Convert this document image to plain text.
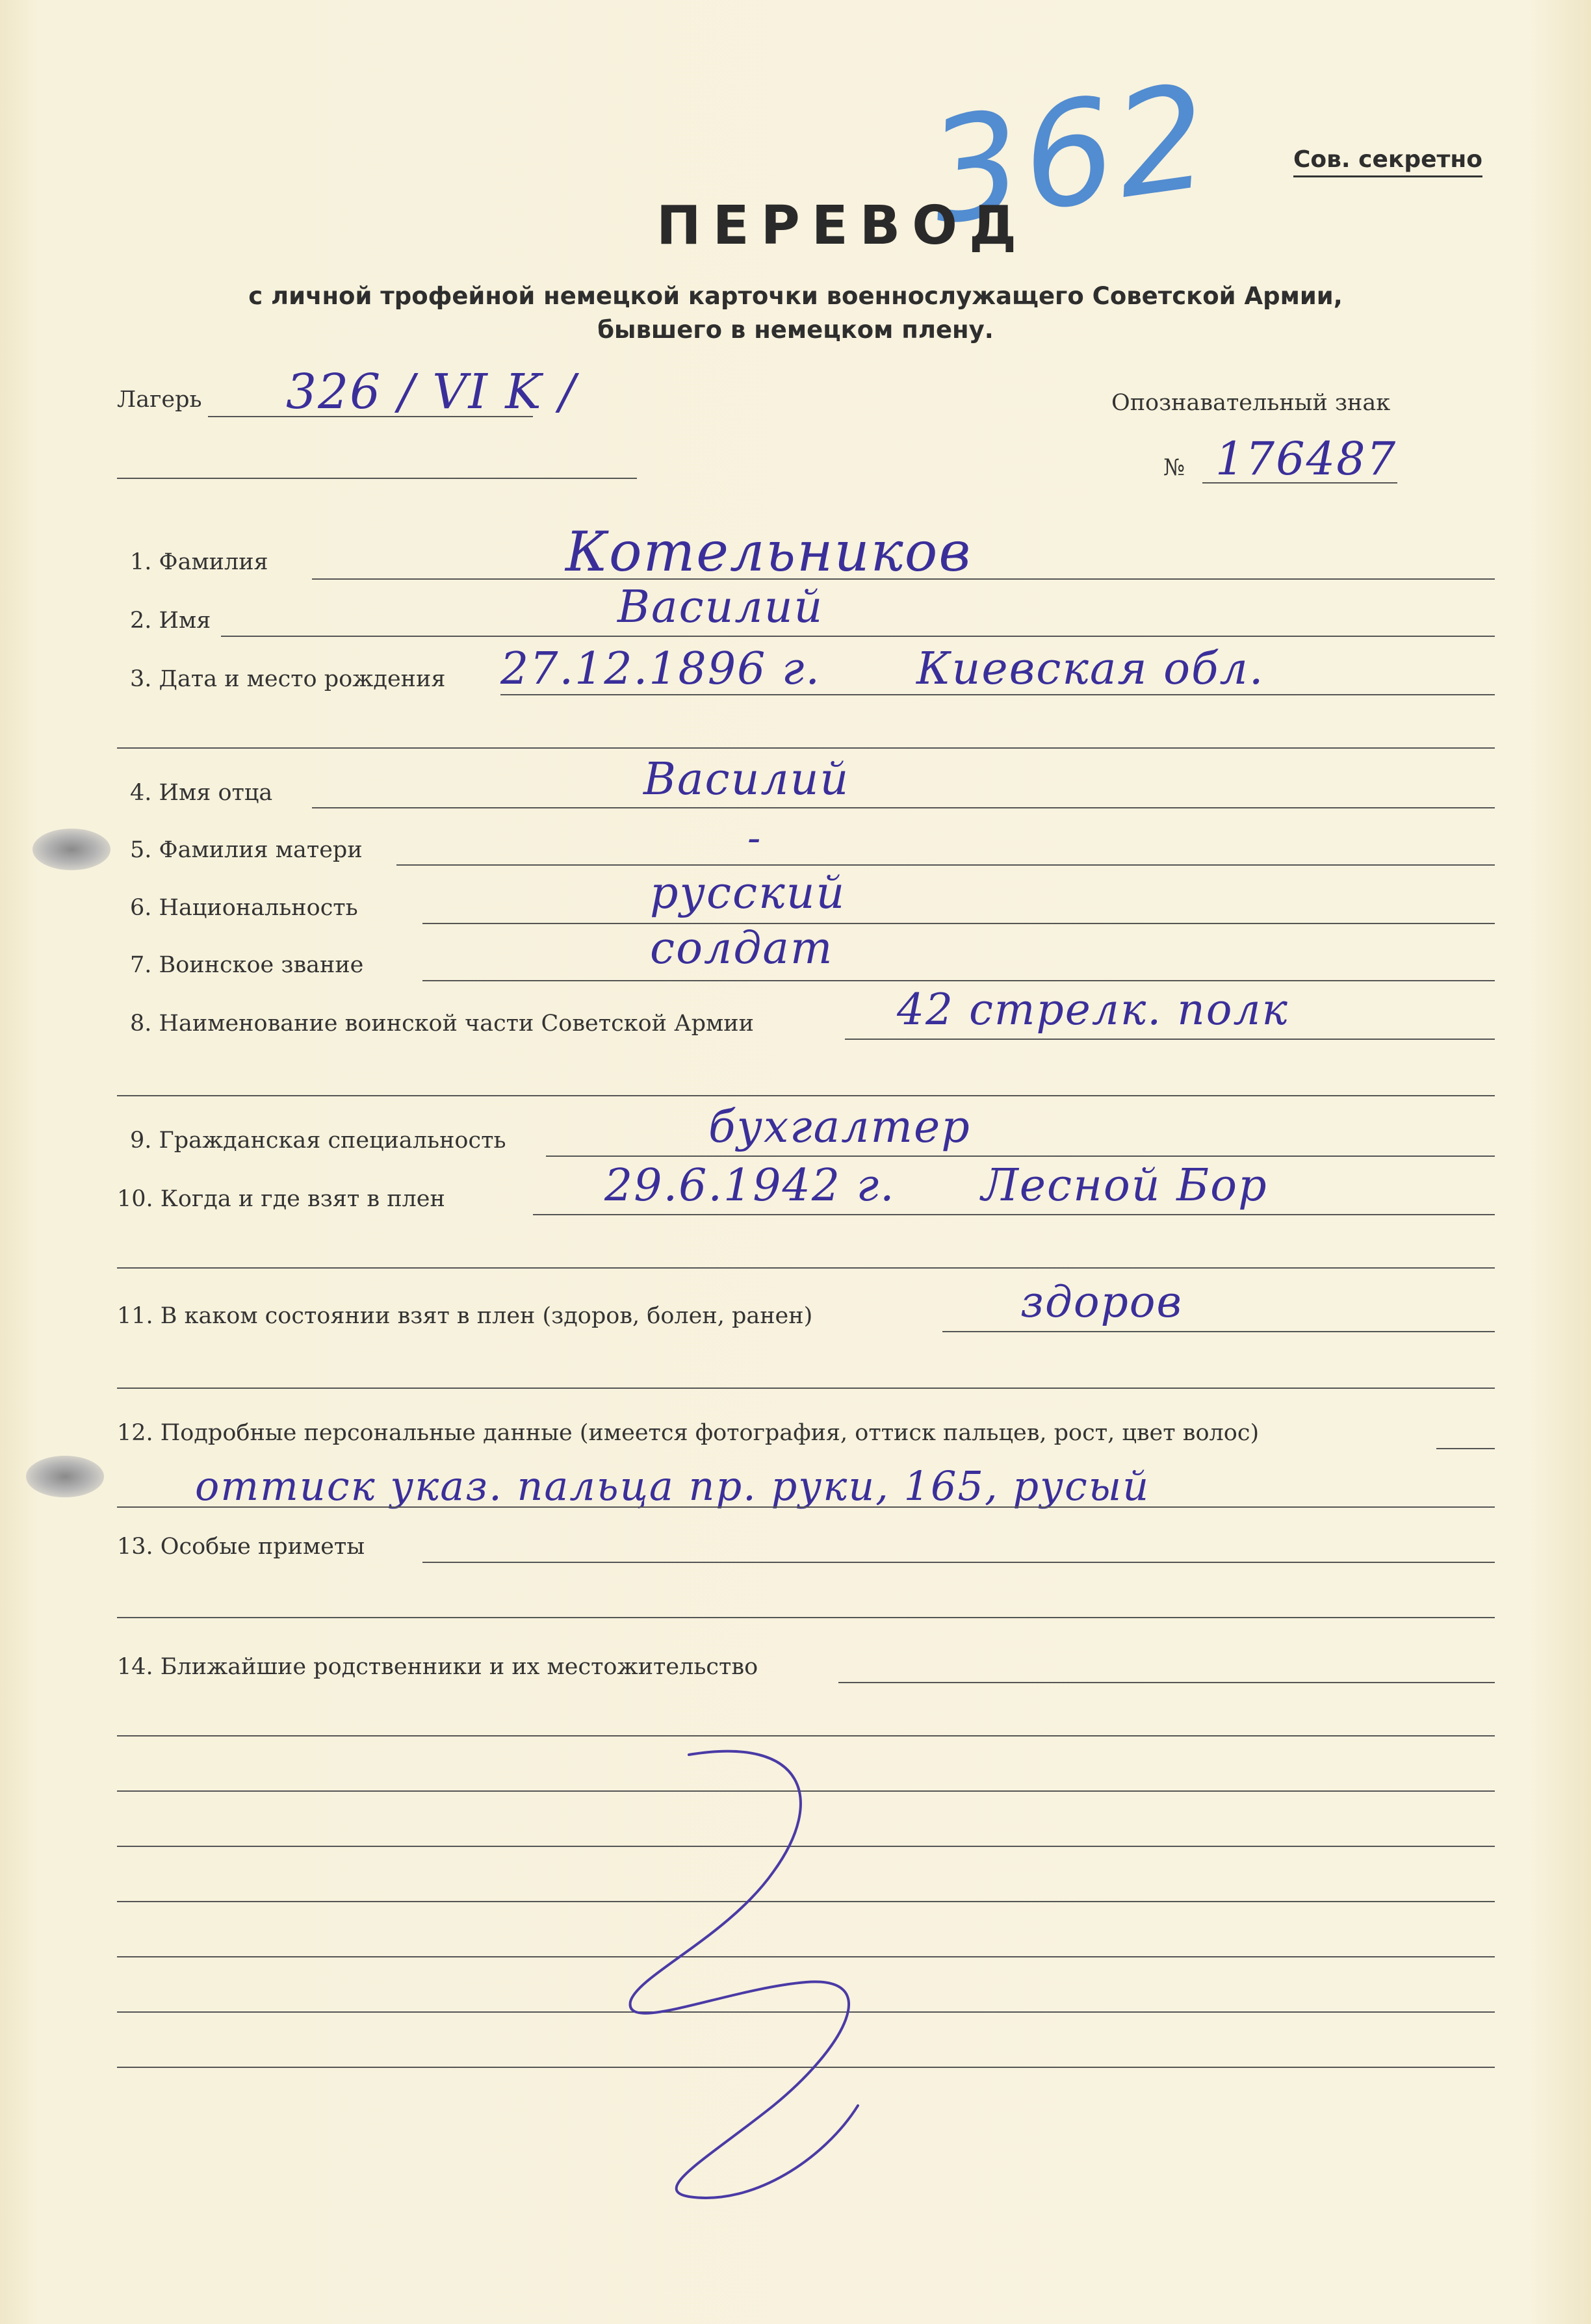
362	Сов. секретно
ПЕРЕВОД
с личной трофейной немецкой карточки военнослужащего Советской Армии,
бывшего в немецком плену.
Лагерь 326 / VI K /	Опознавательный знак
№ 176487
1. Фамилия	Котельников
2. Имя	Василий
3. Дата и место рождения 27.12.1896 г. Киевская обл.
4. Имя отца	Василий
5. Фамилия матери	-
6. Национальность	русский
7. Воинское звание	солдат
8. Наименование воинской части Советской Армии	42 стрелк. полк
9. Гражданская специальность	бухгалтер
10. Когда и где взят в плен	29.6.1942 г. Лесной Бор
11. В каком состоянии взят в плен (здоров, болен, ранен)	здоров
12. Подробные персональные данные (имеется фотография, оттиск пальцев, рост, цвет волос)
оттиск указ. пальца пр. руки, 165, русый
13. Особые приметы
14. Ближайшие родственники и их местожительство
